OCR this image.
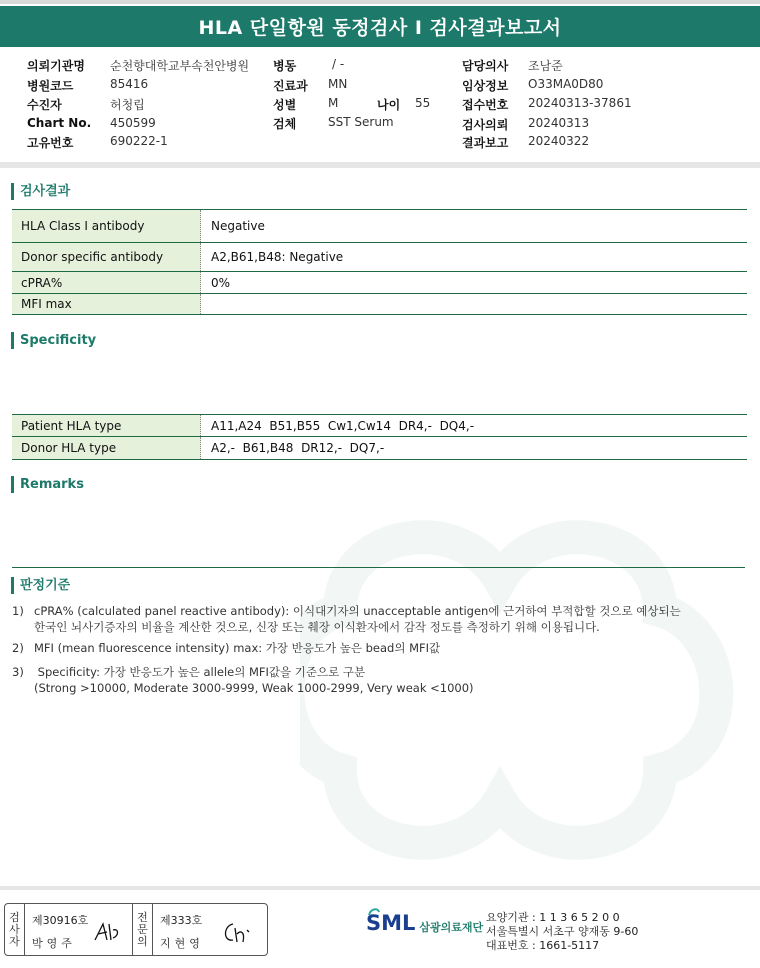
HLA 단일항원 동정검사 I 검사결과보고서
의뢰기관명 순천향대학교부속천안병원
병원코드	85416
수진자	허청립
Chart No. 450599
고유번호	690222-1
병동	/ -
진료과 MN
성별	M	나이 55
검체	SST Serum
담당의사 조남준
임상정보 O33MA0D80
접수번호 20240313-37861
검사의뢰 20240313
결과보고 20240322
검사결과
HLA Class I antibody	Negative
Donor specific antibody	A2,B61,B48: Negative
cPRA%	0%
MFI max
Specificity
Patient HLA type	A11,A24  B51,B55  Cw1,Cw14  DR4,-  DQ4,-
Donor HLA type	A2,-  B61,B48  DR12,-  DQ7,-
Remarks
판정기준
1) cPRA% (calculated panel reactive antibody): 이식대기자의 unacceptable antigen에 근거하여 부적합할 것으로 예상되는
한국인 뇌사기증자의 비율을 계산한 것으로, 신장 또는 췌장 이식환자에서 감작 정도를 측정하기 위해 이용됩니다.
2) MFI (mean fluorescence intensity) max: 가장 반응도가 높은 bead의 MFI값
3) Specificity: 가장 반응도가 높은 allele의 MFI값을 기준으로 구분
(Strong >10000, Moderate 3000-9999, Weak 1000-2999, Very weak <1000)
검
사
자
제30916호
박영주
전
문
의
제333호
지현영
SML 삼광의료재단
요양기관 : 1 1 3 6 5 2 0 0
서울특별시 서초구 양재동 9-60
대표번호 : 1661-5117
